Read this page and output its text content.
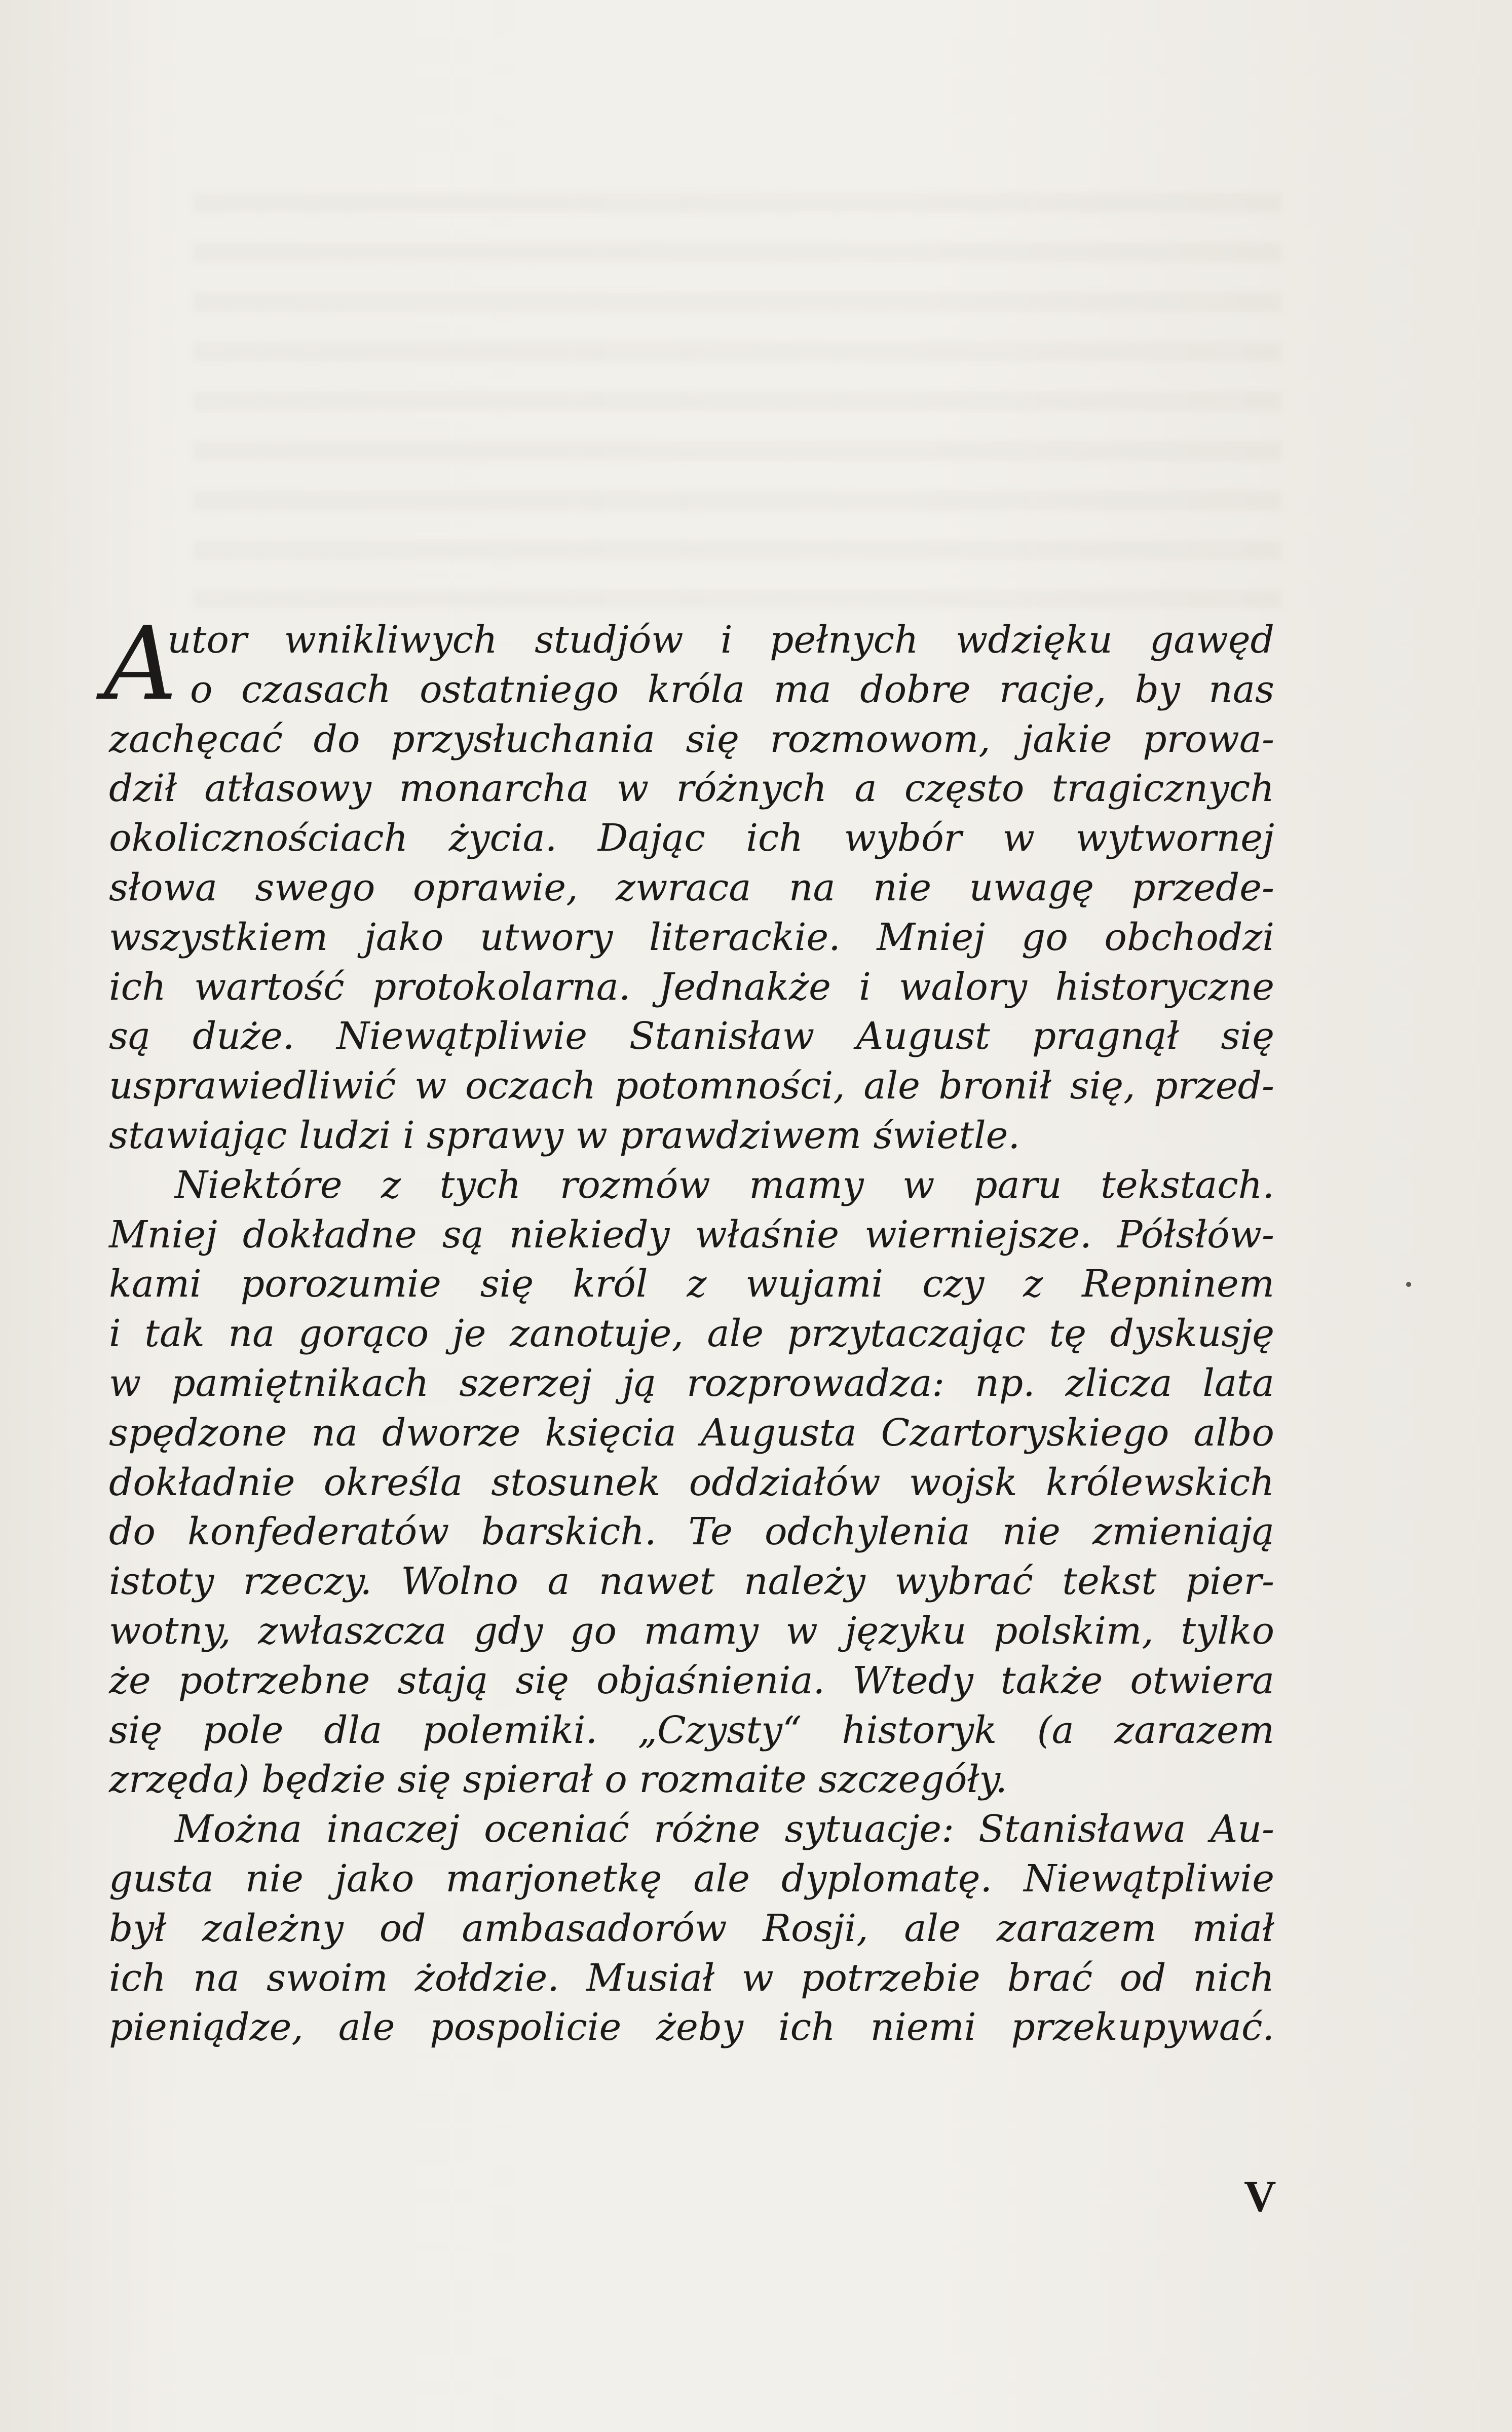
A
utor wnikliwych studjów i pełnych wdzięku gawęd
o czasach ostatniego króla ma dobre racje, by nas
zachęcać do przysłuchania się rozmowom, jakie prowa-
dził atłasowy monarcha w różnych a często tragicznych
okolicznościach życia. Dając ich wybór w wytwornej
słowa swego oprawie, zwraca na nie uwagę przede-
wszystkiem jako utwory literackie. Mniej go obchodzi
ich wartość protokolarna. Jednakże i walory historyczne
są duże. Niewątpliwie Stanisław August pragnął się
usprawiedliwić w oczach potomności, ale bronił się, przed-
stawiając ludzi i sprawy w prawdziwem świetle.
Niektóre z tych rozmów mamy w paru tekstach.
Mniej dokładne są niekiedy właśnie wierniejsze. Półsłów-
kami porozumie się król z wujami czy z Repninem
i tak na gorąco je zanotuje, ale przytaczając tę dyskusję
w pamiętnikach szerzej ją rozprowadza: np. zlicza lata
spędzone na dworze księcia Augusta Czartoryskiego albo
dokładnie określa stosunek oddziałów wojsk królewskich
do konfederatów barskich. Te odchylenia nie zmieniają
istoty rzeczy. Wolno a nawet należy wybrać tekst pier-
wotny, zwłaszcza gdy go mamy w języku polskim, tylko
że potrzebne stają się objaśnienia. Wtedy także otwiera
się pole dla polemiki. „Czysty“ historyk (a zarazem
zrzęda) będzie się spierał o rozmaite szczegóły.
Można inaczej oceniać różne sytuacje: Stanisława Au-
gusta nie jako marjonetkę ale dyplomatę. Niewątpliwie
był zależny od ambasadorów Rosji, ale zarazem miał
ich na swoim żołdzie. Musiał w potrzebie brać od nich
pieniądze, ale pospolicie żeby ich niemi przekupywać.
V
